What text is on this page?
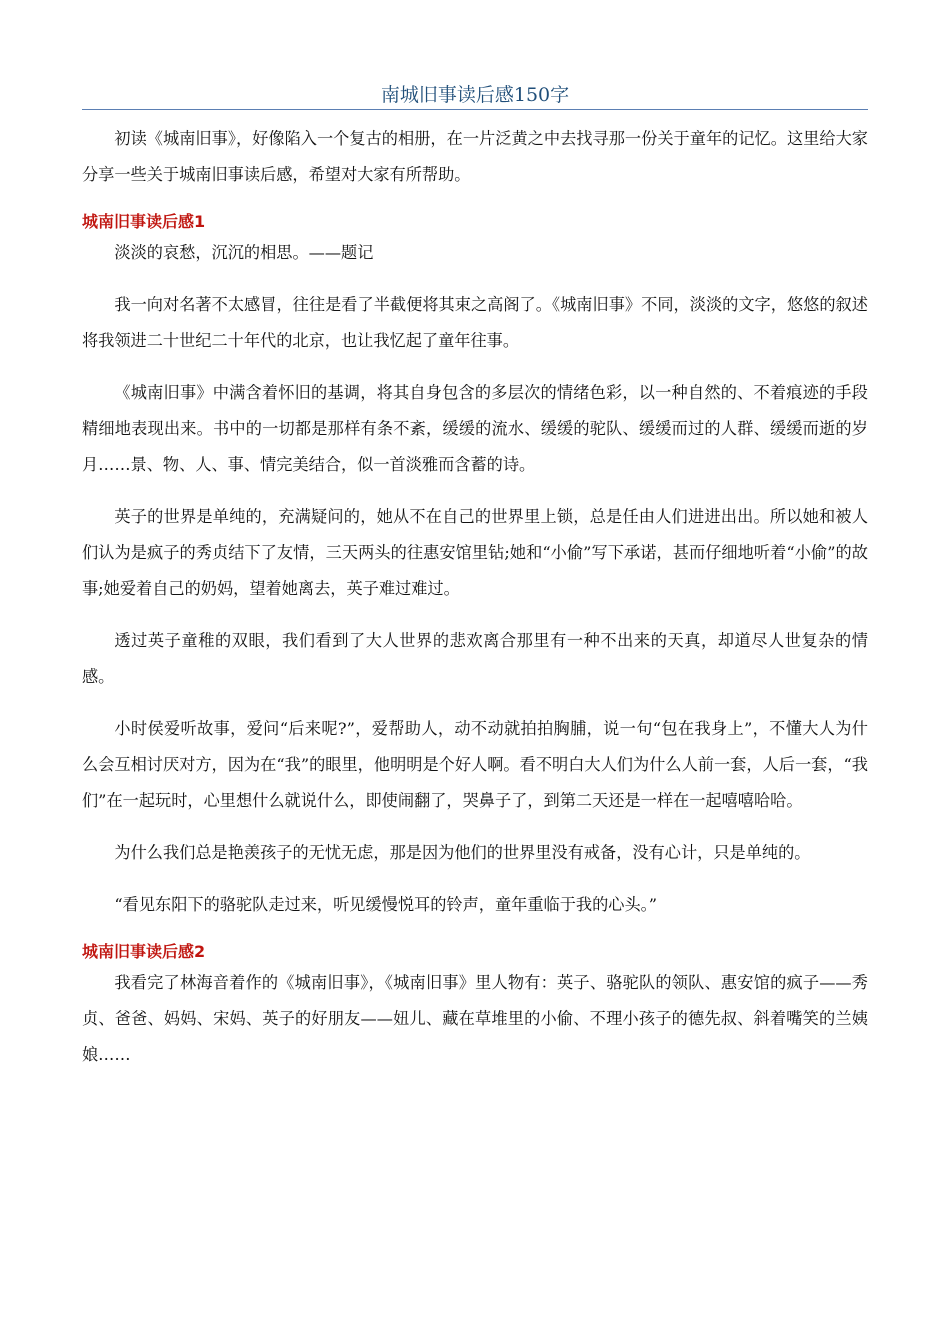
南城旧事读后感150字

初读《城南旧事》，好像陷入一个复古的相册，在一片泛黄之中去找寻那一份关于童年的记忆。这里给大家分享一些关于城南旧事读后感，希望对大家有所帮助。

城南旧事读后感1

淡淡的哀愁，沉沉的相思。——题记

我一向对名著不太感冒，往往是看了半截便将其束之高阁了。《城南旧事》不同，淡淡的文字，悠悠的叙述将我领进二十世纪二十年代的北京，也让我忆起了童年往事。

《城南旧事》中满含着怀旧的基调，将其自身包含的多层次的情绪色彩，以一种自然的、不着痕迹的手段精细地表现出来。书中的一切都是那样有条不紊，缓缓的流水、缓缓的驼队、缓缓而过的人群、缓缓而逝的岁月……景、物、人、事、情完美结合，似一首淡雅而含蓄的诗。

英子的世界是单纯的，充满疑问的，她从不在自己的世界里上锁，总是任由人们进进出出。所以她和被人们认为是疯子的秀贞结下了友情，三天两头的往惠安馆里钻;她和“小偷”写下承诺，甚而仔细地听着“小偷”的故事;她爱着自己的奶妈，望着她离去，英子难过难过。

透过英子童稚的双眼，我们看到了大人世界的悲欢离合那里有一种不出来的天真，却道尽人世复杂的情感。

小时侯爱听故事，爱问“后来呢?”，爱帮助人，动不动就拍拍胸脯，说一句“包在我身上”，不懂大人为什么会互相讨厌对方，因为在“我”的眼里，他明明是个好人啊。看不明白大人们为什么人前一套，人后一套，“我们”在一起玩时，心里想什么就说什么，即使闹翻了，哭鼻子了，到第二天还是一样在一起嘻嘻哈哈。

为什么我们总是艳羡孩子的无忧无虑，那是因为他们的世界里没有戒备，没有心计，只是单纯的。

“看见东阳下的骆驼队走过来，听见缓慢悦耳的铃声，童年重临于我的心头。”

城南旧事读后感2

我看完了林海音着作的《城南旧事》，《城南旧事》里人物有：英子、骆驼队的领队、惠安馆的疯子——秀贞、爸爸、妈妈、宋妈、英子的好朋友——妞儿、藏在草堆里的小偷、不理小孩子的德先叔、斜着嘴笑的兰姨娘……
